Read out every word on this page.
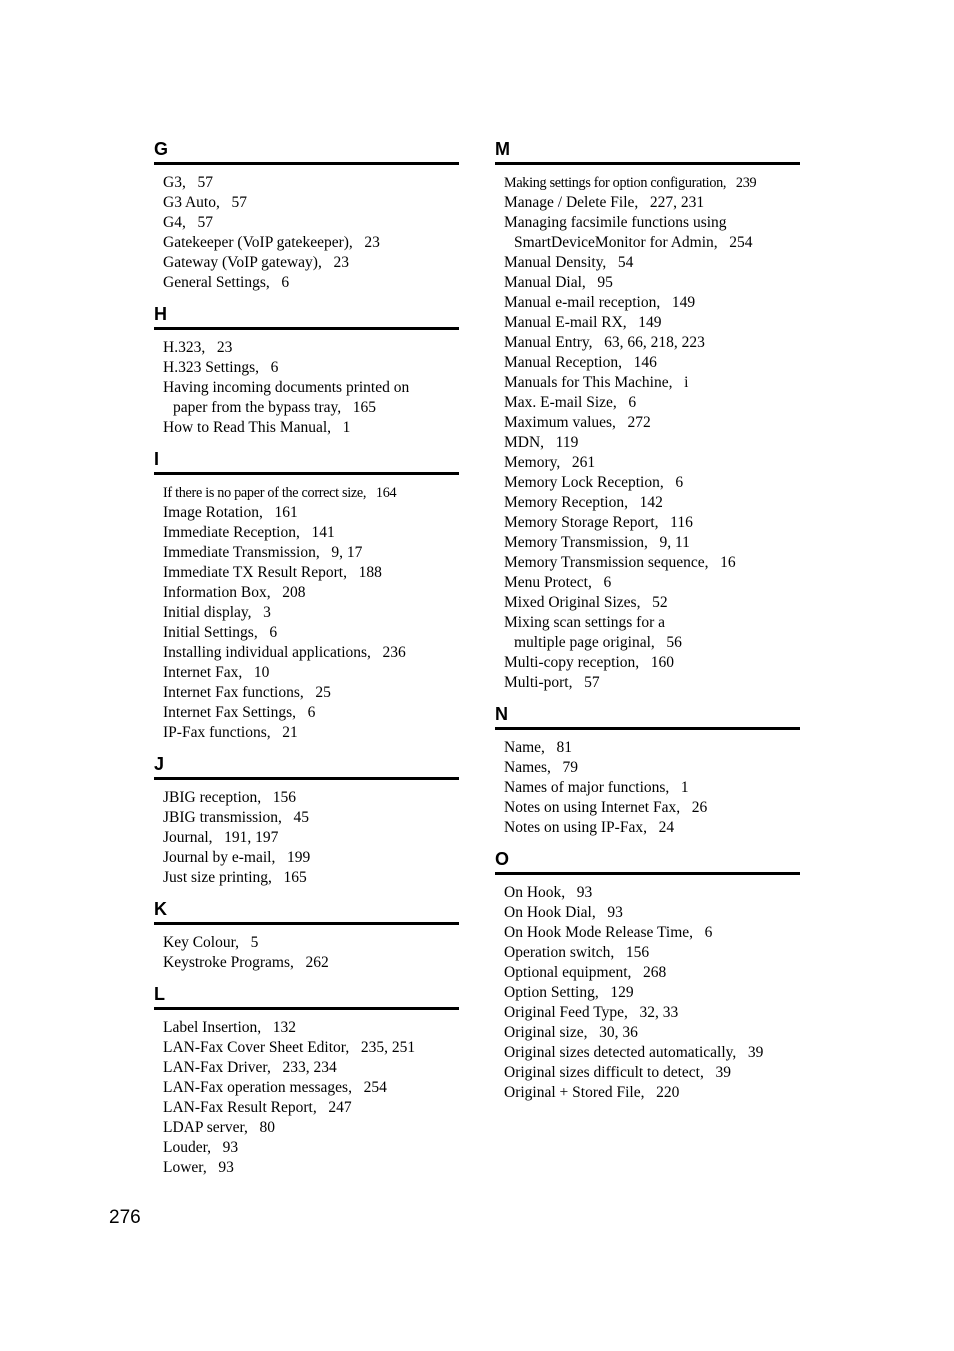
G
G3,   57
G3 Auto,   57
G4,   57
Gatekeeper (VoIP gatekeeper),   23
Gateway (VoIP gateway),   23
General Settings,   6
H
H.323,   23
H.323 Settings,   6
Having incoming documents printed on
paper from the bypass tray,   165
How to Read This Manual,   1
I
If there is no paper of the correct size,   164
Image Rotation,   161
Immediate Reception,   141
Immediate Transmission,   9, 17
Immediate TX Result Report,   188
Information Box,   208
Initial display,   3
Initial Settings,   6
Installing individual applications,   236
Internet Fax,   10
Internet Fax functions,   25
Internet Fax Settings,   6
IP-Fax functions,   21
J
JBIG reception,   156
JBIG transmission,   45
Journal,   191, 197
Journal by e-mail,   199
Just size printing,   165
K
Key Colour,   5
Keystroke Programs,   262
L
Label Insertion,   132
LAN-Fax Cover Sheet Editor,   235, 251
LAN-Fax Driver,   233, 234
LAN-Fax operation messages,   254
LAN-Fax Result Report,   247
LDAP server,   80
Louder,   93
Lower,   93
M
Making settings for option configuration,   239
Manage / Delete File,   227, 231
Managing facsimile functions using
SmartDeviceMonitor for Admin,   254
Manual Density,   54
Manual Dial,   95
Manual e-mail reception,   149
Manual E-mail RX,   149
Manual Entry,   63, 66, 218, 223
Manual Reception,   146
Manuals for This Machine,   i
Max. E-mail Size,   6
Maximum values,   272
MDN,   119
Memory,   261
Memory Lock Reception,   6
Memory Reception,   142
Memory Storage Report,   116
Memory Transmission,   9, 11
Memory Transmission sequence,   16
Menu Protect,   6
Mixed Original Sizes,   52
Mixing scan settings for a
multiple page original,   56
Multi-copy reception,   160
Multi-port,   57
N
Name,   81
Names,   79
Names of major functions,   1
Notes on using Internet Fax,   26
Notes on using IP-Fax,   24
O
On Hook,   93
On Hook Dial,   93
On Hook Mode Release Time,   6
Operation switch,   156
Optional equipment,   268
Option Setting,   129
Original Feed Type,   32, 33
Original size,   30, 36
Original sizes detected automatically,   39
Original sizes difficult to detect,   39
Original + Stored File,   220
276
